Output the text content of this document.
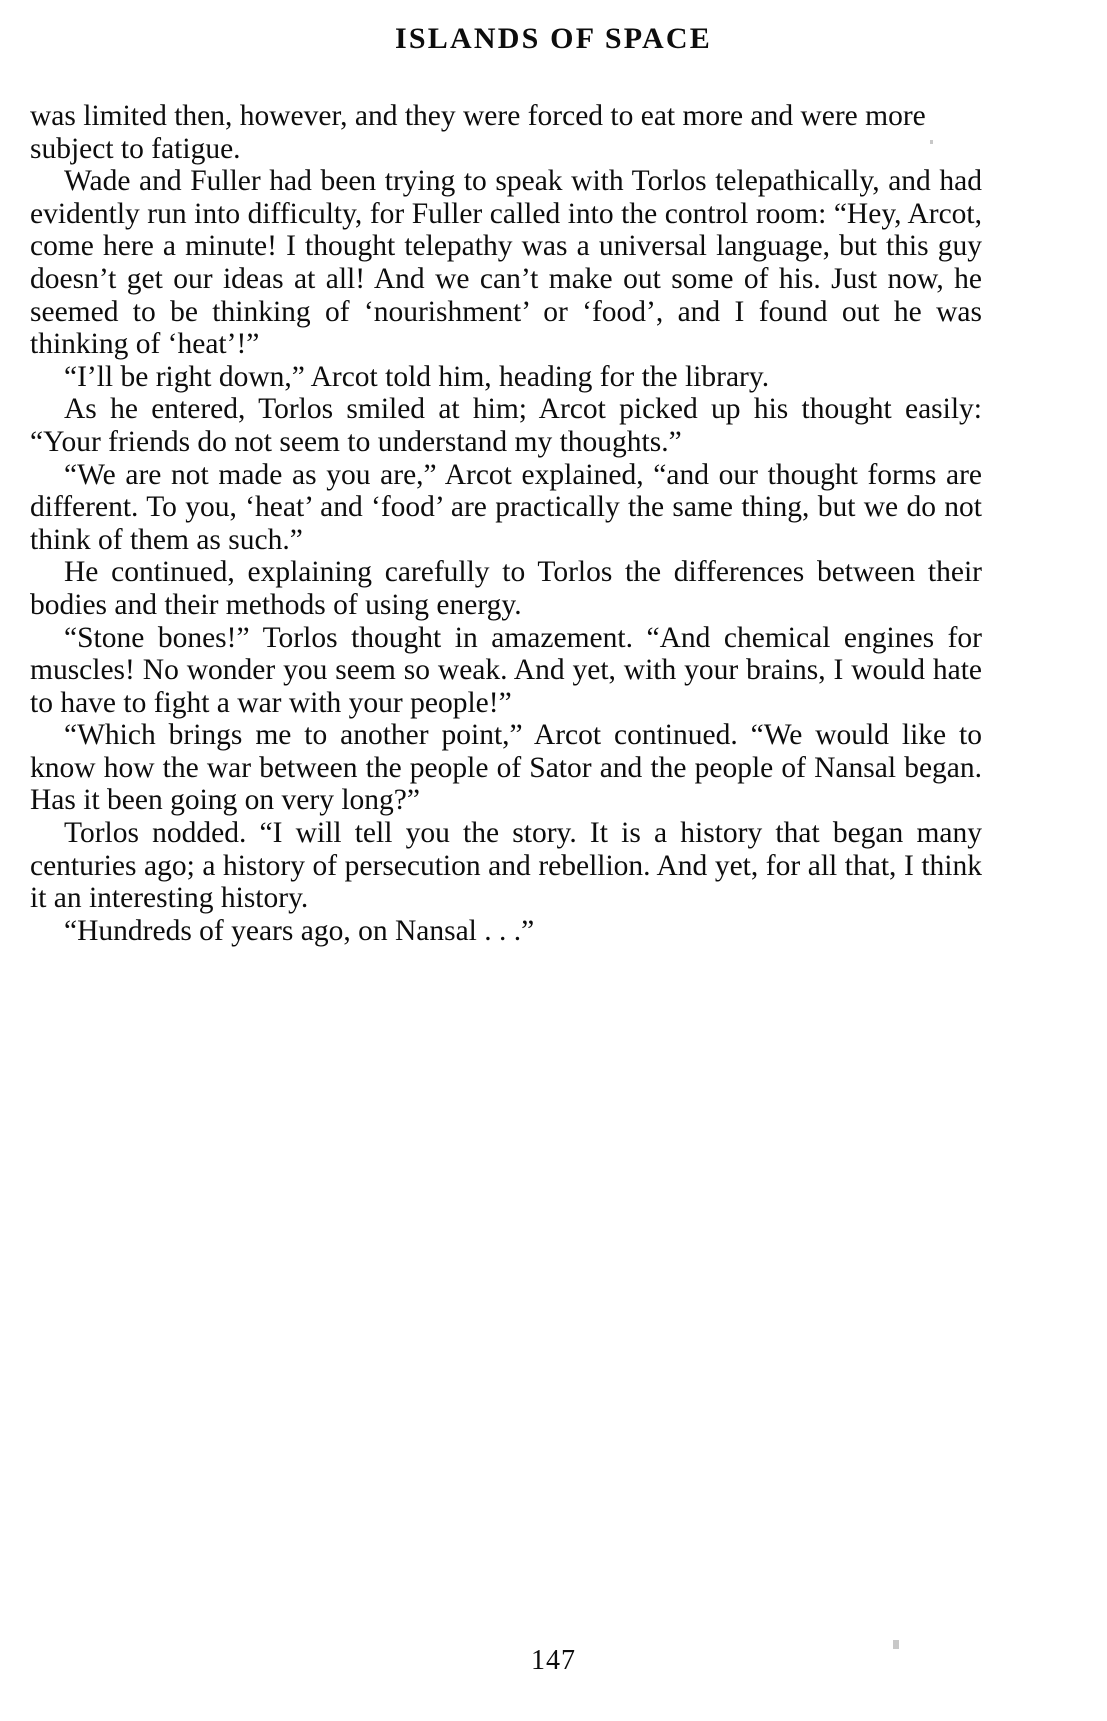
ISLANDS OF SPACE

was limited then, however, and they were forced to eat more and were more subject to fatigue.

Wade and Fuller had been trying to speak with Torlos telepathically, and had evidently run into difficulty, for Fuller called into the control room: “Hey, Arcot, come here a minute! I thought telepathy was a universal language, but this guy doesn’t get our ideas at all! And we can’t make out some of his. Just now, he seemed to be thinking of ‘nourishment’ or ‘food’, and I found out he was thinking of ‘heat’!”

“I’ll be right down,” Arcot told him, heading for the library.

As he entered, Torlos smiled at him; Arcot picked up his thought easily: “Your friends do not seem to understand my thoughts.”

“We are not made as you are,” Arcot explained, “and our thought forms are different. To you, ‘heat’ and ‘food’ are practically the same thing, but we do not think of them as such.”

He continued, explaining carefully to Torlos the differences between their bodies and their methods of using energy.

“Stone bones!” Torlos thought in amazement. “And chemical engines for muscles! No wonder you seem so weak. And yet, with your brains, I would hate to have to fight a war with your people!”

“Which brings me to another point,” Arcot continued. “We would like to know how the war between the people of Sator and the people of Nansal began. Has it been going on very long?”

Torlos nodded. “I will tell you the story. It is a history that began many centuries ago; a history of persecution and rebellion. And yet, for all that, I think it an interesting history.

“Hundreds of years ago, on Nansal . . .”

147
